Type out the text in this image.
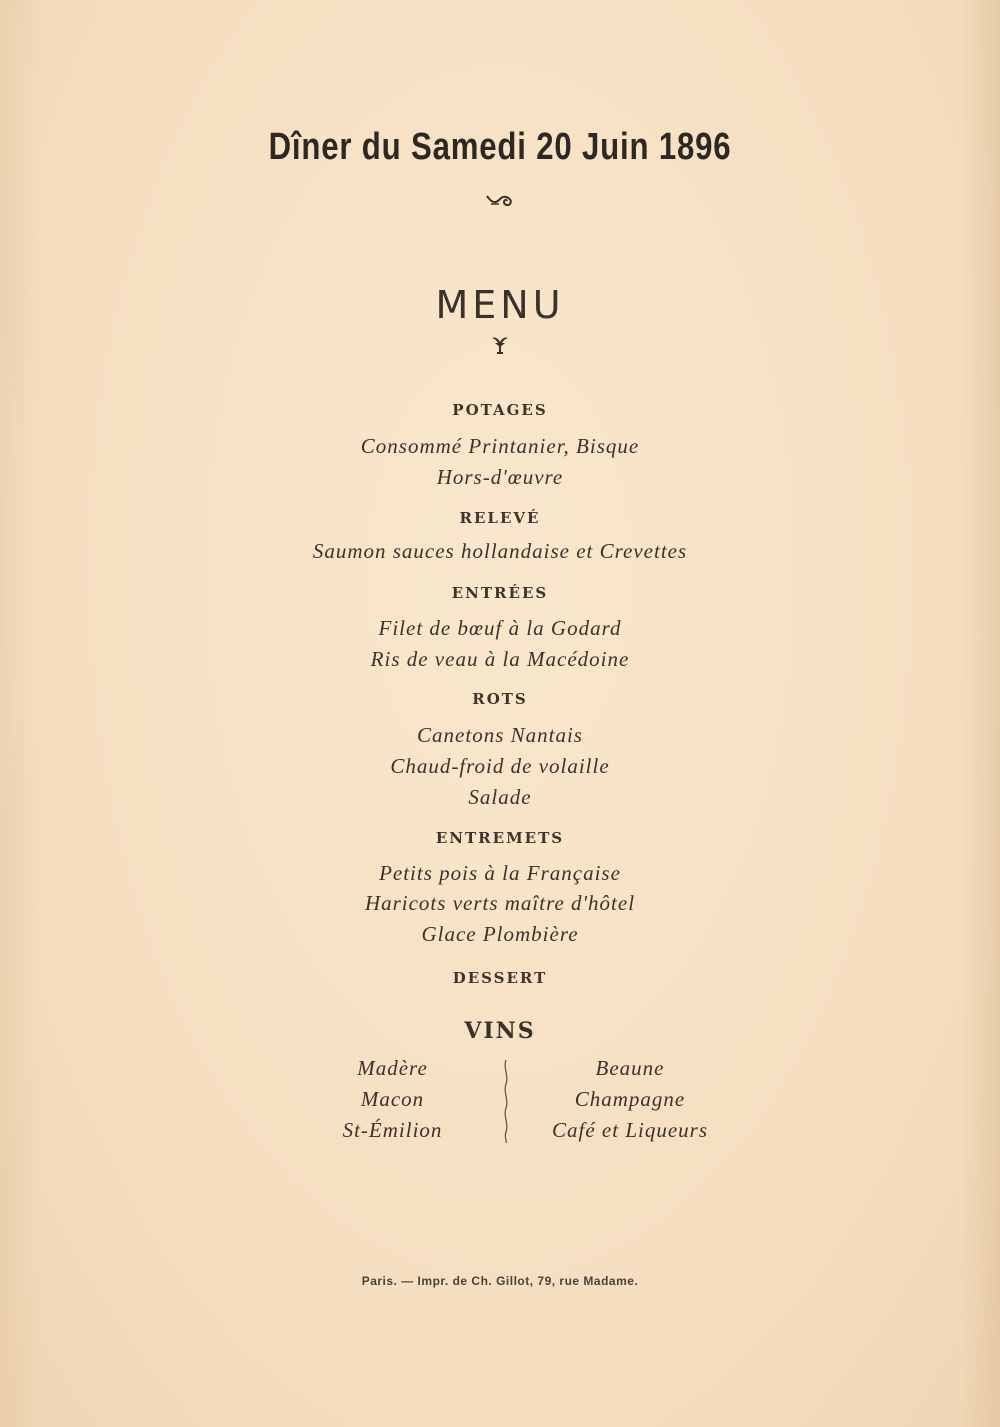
Dîner du Samedi 20 Juin 1896
MENU
POTAGES
Consommé Printanier, Bisque
Hors-d'œuvre
RELEVÉ
Saumon sauces hollandaise et Crevettes
ENTRÉES
Filet de bœuf à la Godard
Ris de veau à la Macédoine
ROTS
Canetons Nantais
Chaud-froid de volaille
Salade
ENTREMETS
Petits pois à la Française
Haricots verts maître d'hôtel
Glace Plombière
DESSERT
VINS
Madère
Macon
St-Émilion
Beaune
Champagne
Café et Liqueurs
Paris. — Impr. de Ch. Gillot, 79, rue Madame.
